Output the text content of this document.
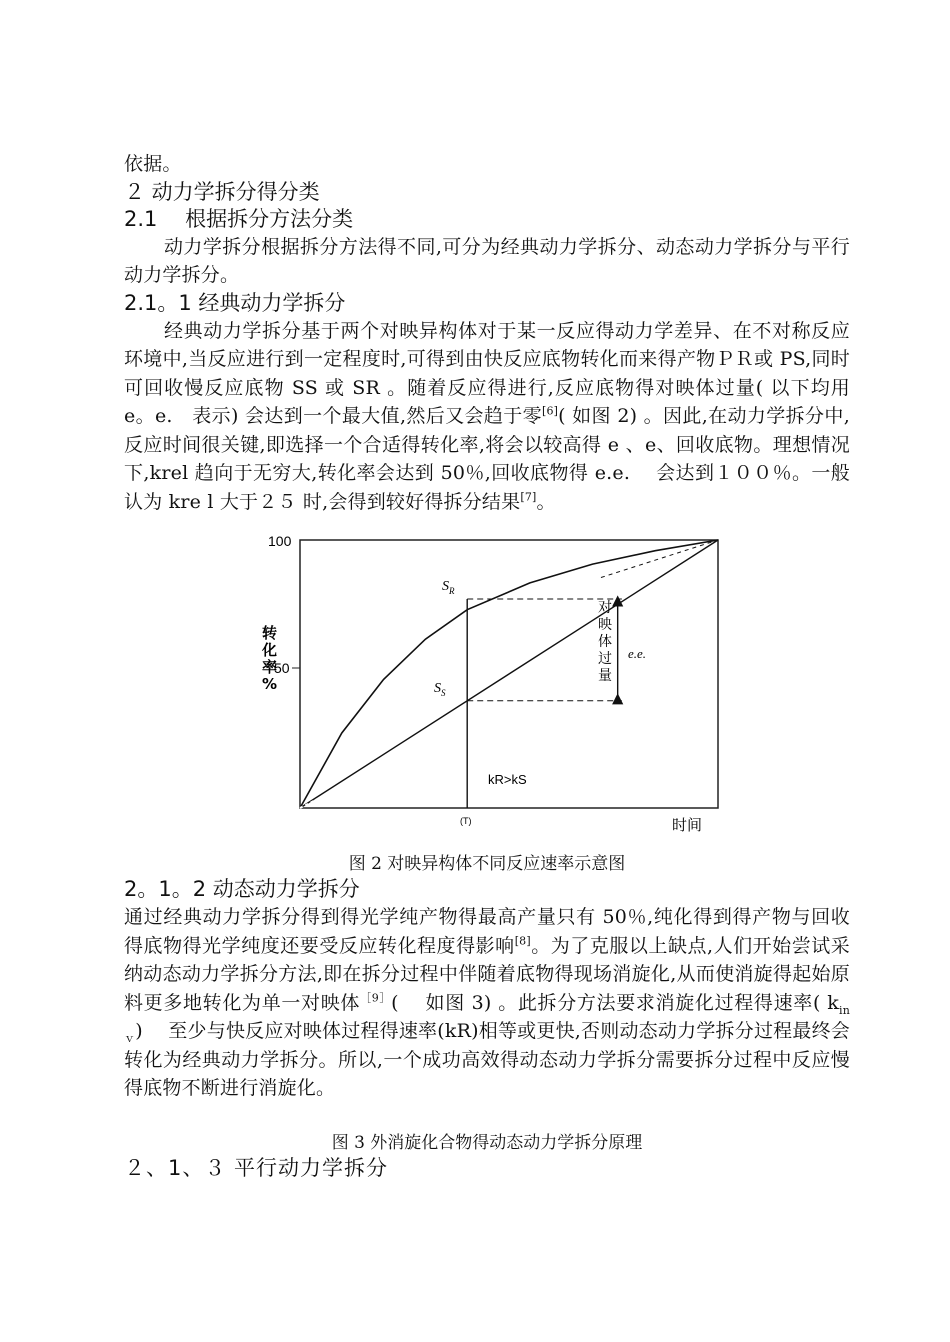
依据。

２ 动力学拆分得分类

2.1　 根据拆分方法分类

动力学拆分根据拆分方法得不同,可分为经典动力学拆分、动态动力学拆分与平行动力学拆分。

2.1。1 经典动力学拆分

经典动力学拆分基于两个对映异构体对于某一反应得动力学差异、在不对称反应环境中,当反应进行到一定程度时,可得到由快反应底物转化而来得产物ＰＲ或 PS,同时可回收慢反应底物 SS 或 SR 。随着反应得进行,反应底物得对映体过量( 以下均用 e。e.　表示) 会达到一个最大值,然后又会趋于零[6]( 如图 2) 。因此,在动力学拆分中,反应时间很关键,即选择一个合适得转化率,将会以较高得 e 、e、回收底物。理想情况下,krel 趋向于无穷大,转化率会达到 50％,回收底物得 e.e.　 会达到１００％。一般认为 kre l 大于２５ 时,会得到较好得拆分结果[7]。

100
50
(T)	时间
$S_R$
$S_S$
e.e.
kR>kS
转化率%
对映体过量

图 2 对映异构体不同反应速率示意图

2。1。2 动态动力学拆分

通过经典动力学拆分得到得光学纯产物得最高产量只有 50％,纯化得到得产物与回收得底物得光学纯度还要受反应转化程度得影响[8]。为了克服以上缺点,人们开始尝试采纳动态动力学拆分方法,即在拆分过程中伴随着底物得现场消旋化,从而使消旋得起始原料更多地转化为单一对映体$^{[9]}$(　 如图 3) 。此拆分方法要求消旋化过程得速率( $k_{in v}$)　 至少与快反应对映体过程得速率(kR)相等或更快,否则动态动力学拆分过程最终会转化为经典动力学拆分。所以,一个成功高效得动态动力学拆分需要拆分过程中反应慢得底物不断进行消旋化。

图 3 外消旋化合物得动态动力学拆分原理

２、1、３ 平行动力学拆分
